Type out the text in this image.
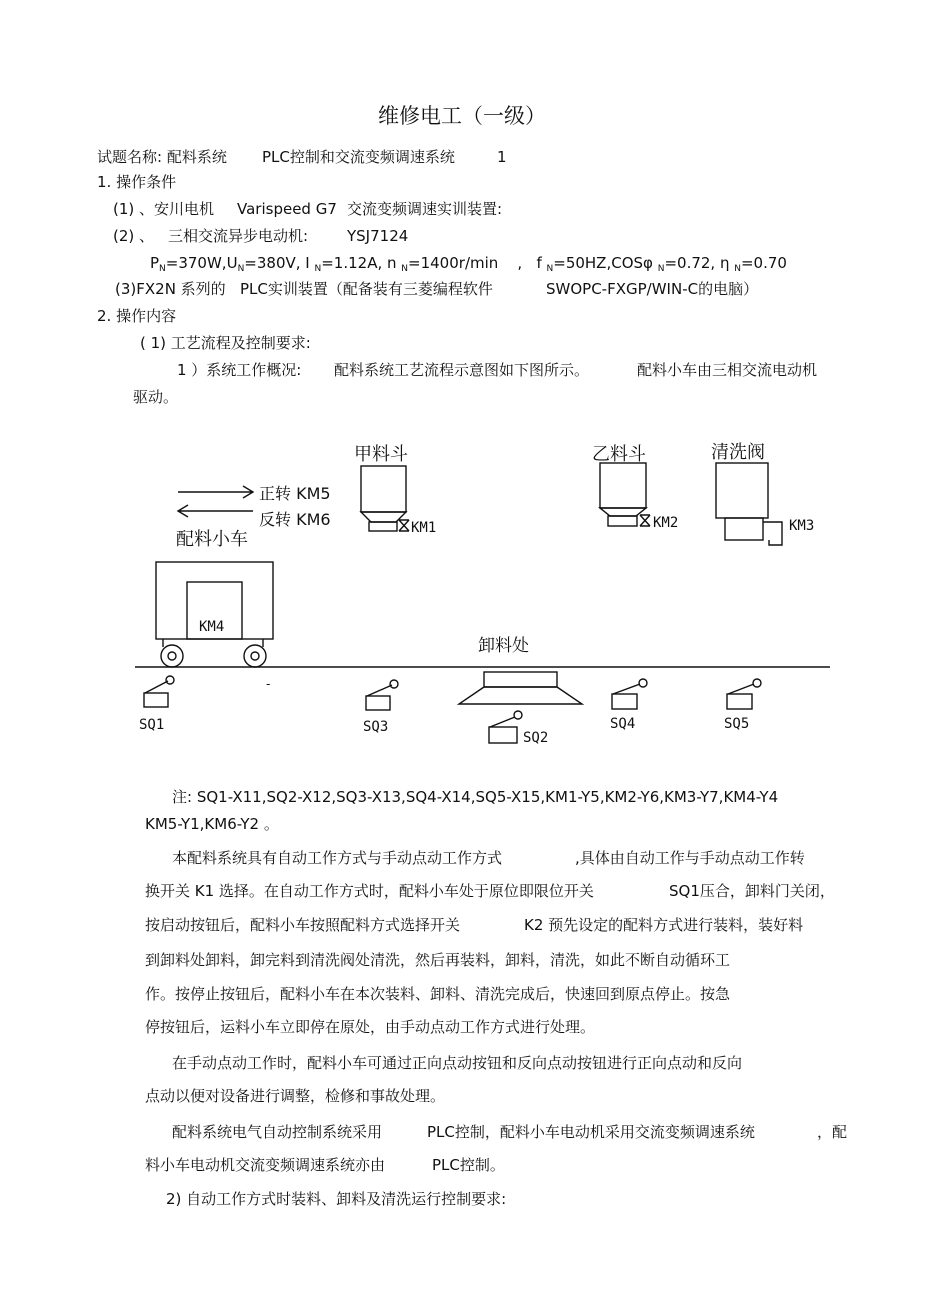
维修电工（一级）
试题名称: 配料系统 PLC控制和交流变频调速系统	1
1. 操作条件
(1) 、安川电机 Varispeed G7 交流变频调速实训装置:
(2) 、 三相交流异步电动机:	YSJ7124
$P_N=370W,U_N=380V$, I $_N$=1.12A, n $_N$=1400r/min , f $_N$=50HZ,COSφ $_N$=0.72, η $_N$=0.70
(3)FX2N 系列的 PLC实训装置（配备装有三菱编程软件	SWOPC-FXGP/WIN-C的电脑）
2. 操作内容
( 1) 工艺流程及控制要求:
1 ）系统工作概况: 配料系统工艺流程示意图如下图所示。	配料小车由三相交流电动机
驱动。
甲料斗	乙料斗	清洗阀
正转 KM5
反转 KM6
配料小车
KM1	KM2	KM3
KM4
卸料处
SQ1	SQ3
SQ2
SQ4	SQ5
-
注: SQ1-X11,SQ2-X12,SQ3-X13,SQ4-X14,SQ5-X15,KM1-Y5,KM2-Y6,KM3-Y7,KM4-Y4
KM5-Y1,KM6-Y2 。
本配料系统具有自动工作方式与手动点动工作方式	,具体由自动工作与手动点动工作转
换开关 K1 选择。在自动工作方式时，配料小车处于原位即限位开关	SQ1压合，卸料门关闭，
按启动按钮后，配料小车按照配料方式选择开关	K2 预先设定的配料方式进行装料，装好料
到卸料处卸料，卸完料到清洗阀处清洗，然后再装料，卸料，清洗，如此不断自动循环工
作。按停止按钮后，配料小车在本次装料、卸料、清洗完成后，快速回到原点停止。按急
停按钮后，运料小车立即停在原处，由手动点动工作方式进行处理。
在手动点动工作时，配料小车可通过正向点动按钮和反向点动按钮进行正向点动和反向
点动以便对设备进行调整，检修和事故处理。
配料系统电气自动控制系统采用	PLC控制，配料小车电动机采用交流变频调速系统	，配
料小车电动机交流变频调速系统亦由	PLC控制。
2) 自动工作方式时装料、卸料及清洗运行控制要求:
